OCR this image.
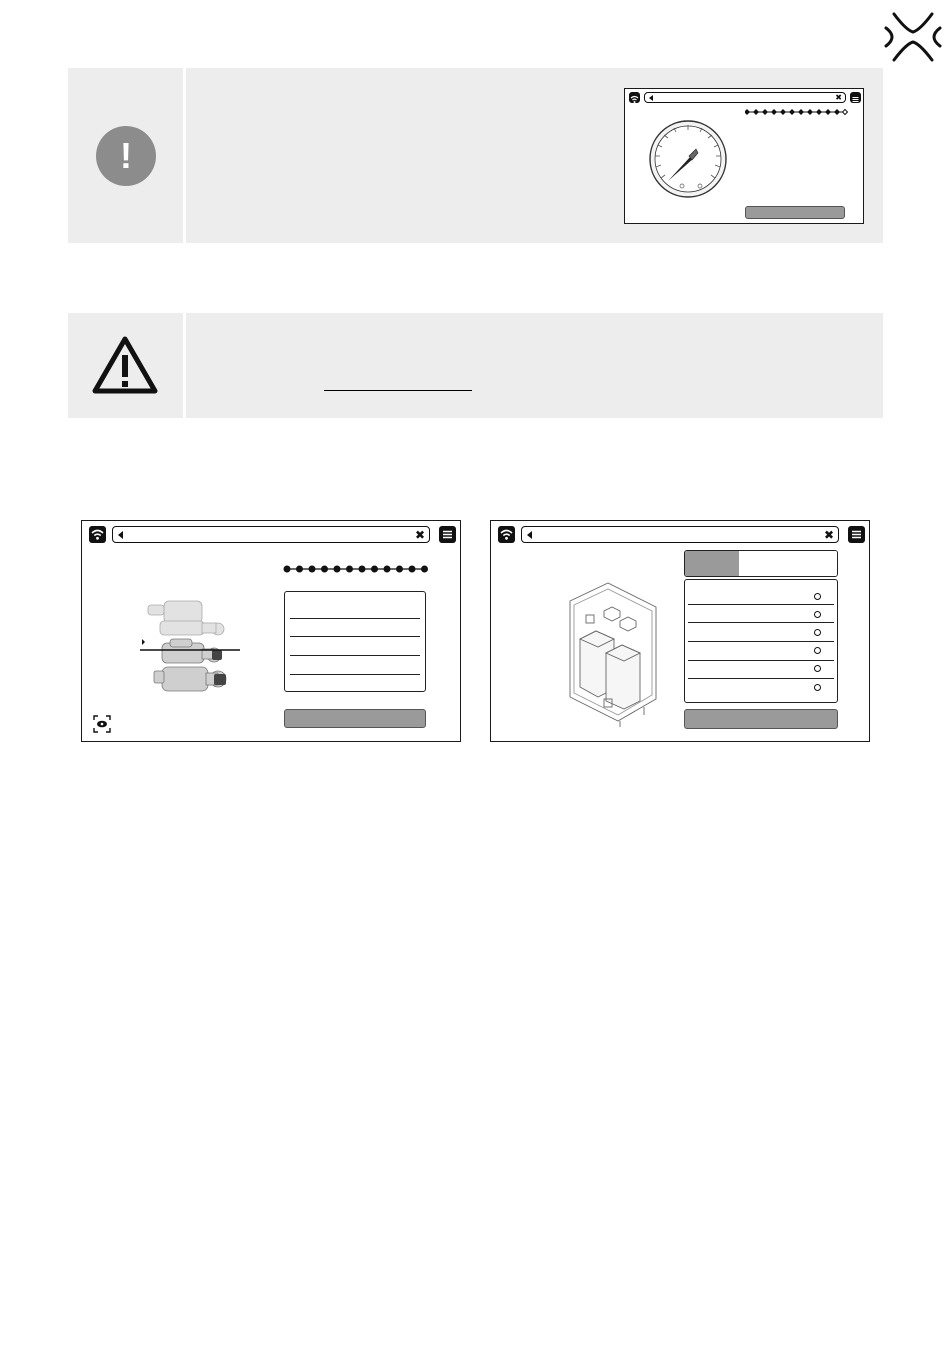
!
✖
✖	✖
